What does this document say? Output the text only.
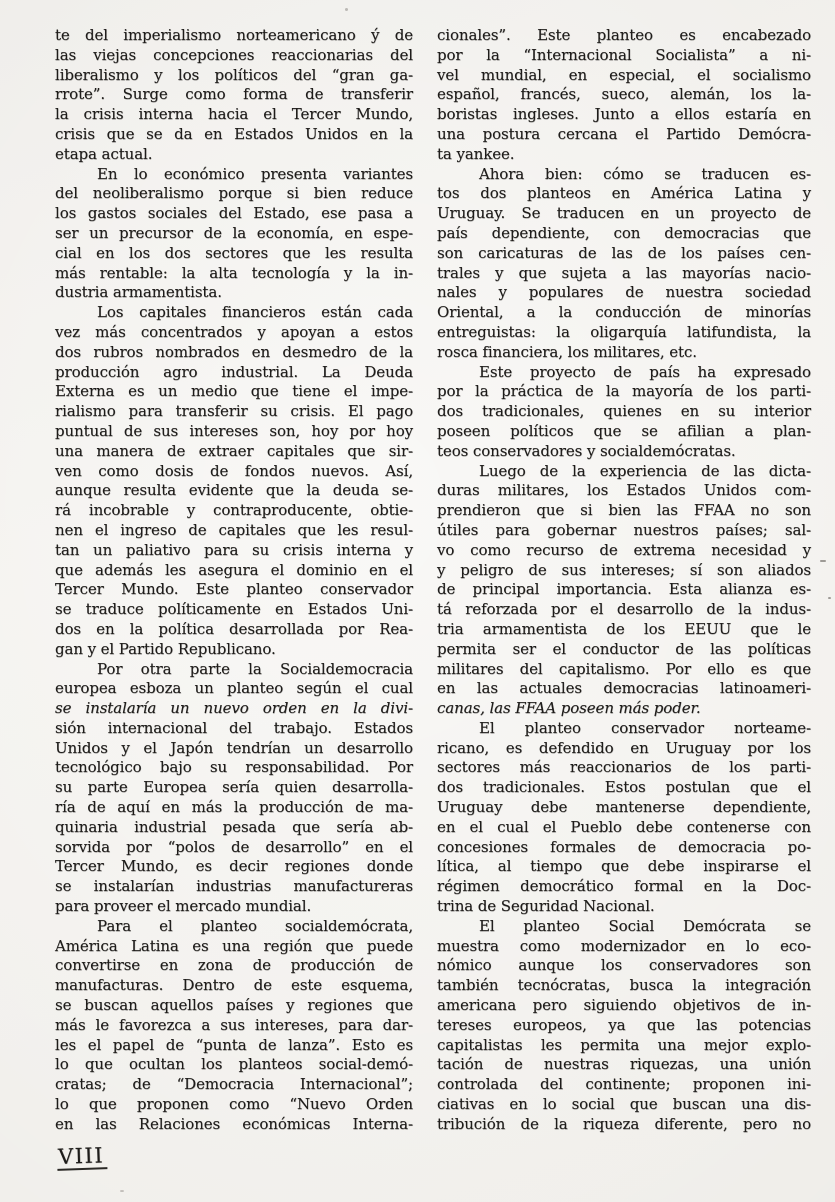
te del imperialismo norteamericano ý de
las viejas concepciones reaccionarias del
liberalismo y los políticos del “gran ga-
rrote”. Surge como forma de transferir
la crisis interna hacia el Tercer Mundo,
crisis que se da en Estados Unidos en la
etapa actual.
En lo económico presenta variantes
del neoliberalismo porque si bien reduce
los gastos sociales del Estado, ese pasa a
ser un precursor de la economía, en espe-
cial en los dos sectores que les resulta
más rentable: la alta tecnología y la in-
dustria armamentista.
Los capitales financieros están cada
vez más concentrados y apoyan a estos
dos rubros nombrados en desmedro de la
producción agro industrial. La Deuda
Externa es un medio que tiene el impe-
rialismo para transferir su crisis. El pago
puntual de sus intereses son, hoy por hoy
una manera de extraer capitales que sir-
ven como dosis de fondos nuevos. Así,
aunque resulta evidente que la deuda se-
rá incobrable y contraproducente, obtie-
nen el ingreso de capitales que les resul-
tan un paliativo para su crisis interna y
que además les asegura el dominio en el
Tercer Mundo. Este planteo conservador
se traduce políticamente en Estados Uni-
dos en la política desarrollada por Rea-
gan y el Partido Republicano.
Por otra parte la Socialdemocracia
europea esboza un planteo según el cual
se instalaría un nuevo orden en la divi-
sión internacional del trabajo. Estados
Unidos y el Japón tendrían un desarrollo
tecnológico bajo su responsabilidad. Por
su parte Europea sería quien desarrolla-
ría de aquí en más la producción de ma-
quinaria industrial pesada que sería ab-
sorvida por “polos de desarrollo” en el
Tercer Mundo, es decir regiones donde
se instalarían industrias manufactureras
para proveer el mercado mundial.
Para el planteo socialdemócrata,
América Latina es una región que puede
convertirse en zona de producción de
manufacturas. Dentro de este esquema,
se buscan aquellos países y regiones que
más le favorezca a sus intereses, para dar-
les el papel de “punta de lanza”. Esto es
lo que ocultan los planteos social-demó-
cratas; de “Democracia Internacional”;
lo que proponen como “Nuevo Orden
en las Relaciones económicas Interna-
cionales”. Este planteo es encabezado
por la “Internacional Socialista” a ni-
vel mundial, en especial, el socialismo
español, francés, sueco, alemán, los la-
boristas ingleses. Junto a ellos estaría en
una postura cercana el Partido Demócra-
ta yankee.
Ahora bien: cómo se traducen es-
tos dos planteos en América Latina y
Uruguay. Se traducen en un proyecto de
país dependiente, con democracias que
son caricaturas de las de los países cen-
trales y que sujeta a las mayorías nacio-
nales y populares de nuestra sociedad
Oriental, a la conducción de minorías
entreguistas: la oligarquía latifundista, la
rosca financiera, los militares, etc.
Este proyecto de país ha expresado
por la práctica de la mayoría de los parti-
dos tradicionales, quienes en su interior
poseen políticos que se afilian a plan-
teos conservadores y socialdemócratas.
Luego de la experiencia de las dicta-
duras militares, los Estados Unidos com-
prendieron que si bien las FFAA no son
útiles para gobernar nuestros países; sal-
vo como recurso de extrema necesidad y
y peligro de sus intereses; sí son aliados
de principal importancia. Esta alianza es-
tá reforzada por el desarrollo de la indus-
tria armamentista de los EEUU que le
permita ser el conductor de las políticas
militares del capitalismo. Por ello es que
en las actuales democracias latinoameri-
canas, las FFAA poseen más poder.
El planteo conservador norteame-
ricano, es defendido en Uruguay por los
sectores más reaccionarios de los parti-
dos tradicionales. Estos postulan que el
Uruguay debe mantenerse dependiente,
en el cual el Pueblo debe contenerse con
concesiones formales de democracia po-
lítica, al tiempo que debe inspirarse el
régimen democrático formal en la Doc-
trina de Seguridad Nacional.
El planteo Social Demócrata se
muestra como modernizador en lo eco-
nómico aunque los conservadores son
también tecnócratas, busca la integración
americana pero siguiendo objetivos de in-
tereses europeos, ya que las potencias
capitalistas les permita una mejor explo-
tación de nuestras riquezas, una unión
controlada del continente; proponen ini-
ciativas en lo social que buscan una dis-
tribución de la riqueza diferente, pero no
VIII
